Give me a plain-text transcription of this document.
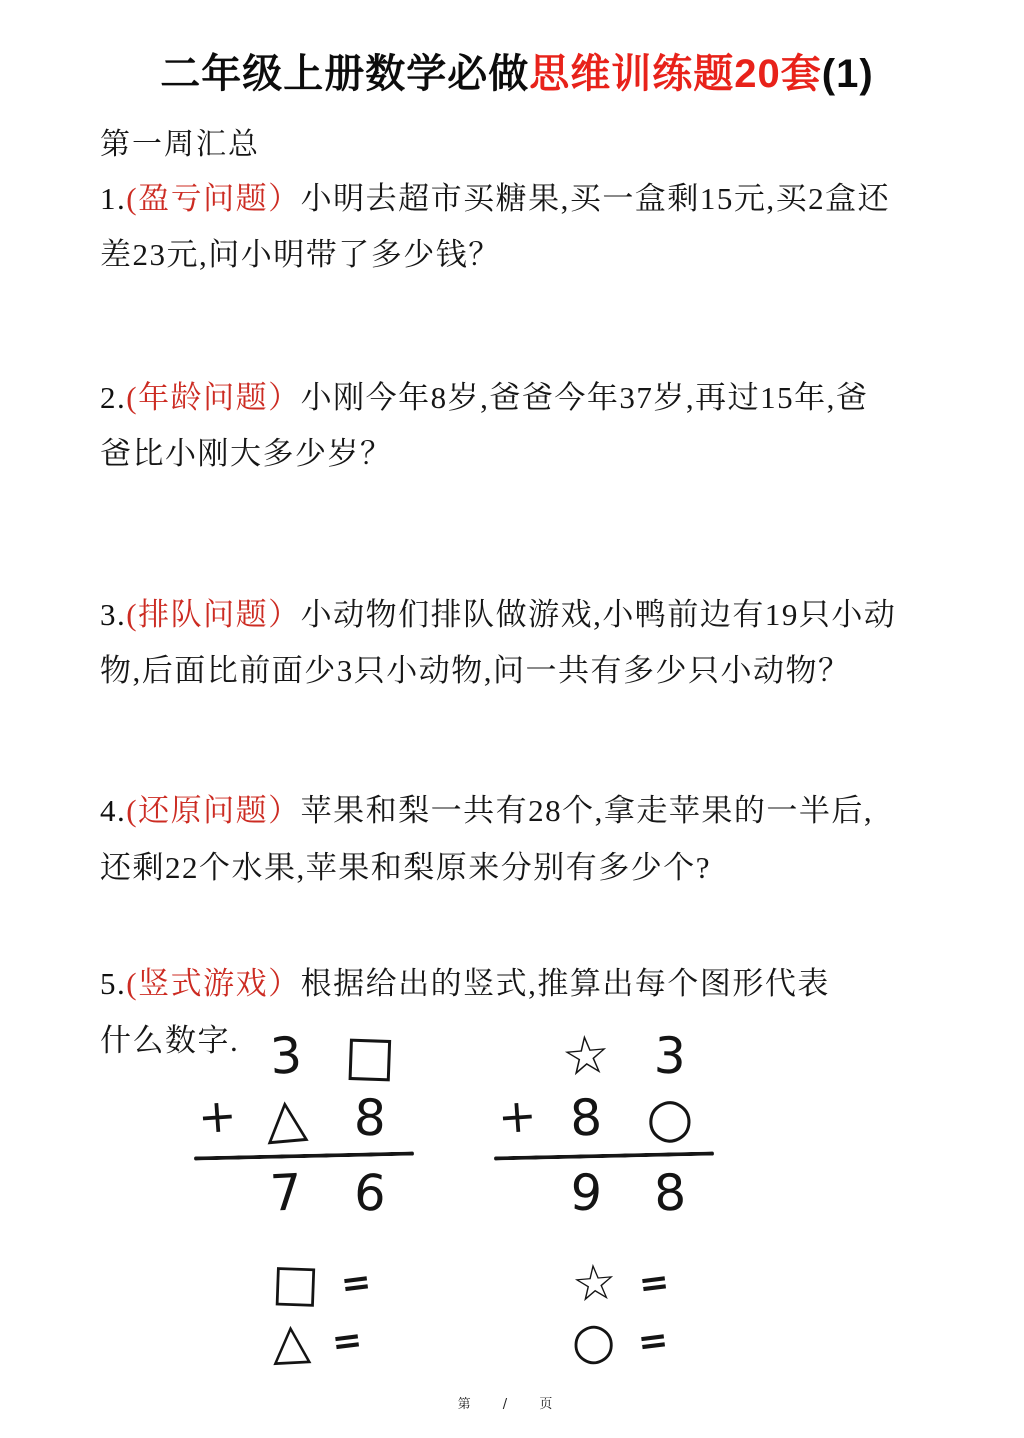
二年级上册数学必做思维训练题20套(1)

第一周汇总

1.(盈亏问题）小明去超市买糖果,买一盒剩15元,买2盒还
差23元,问小明带了多少钱？

2.(年龄问题）小刚今年8岁,爸爸今年37岁,再过15年,爸
爸比小刚大多少岁？

3.(排队问题）小动物们排队做游戏,小鸭前边有19只小动
物,后面比前面少3只小动物,问一共有多少只小动物？

4.(还原问题）苹果和梨一共有28个,拿走苹果的一半后,
还剩22个水果,苹果和梨原来分别有多少个?

5.(竖式游戏）根据给出的竖式,推算出每个图形代表
什么数字. 3 □
+ △ 8
7 6
□ =
△ =
☆ 3
+ 8 ○
9 8
☆ =
○ =
第 / 页
